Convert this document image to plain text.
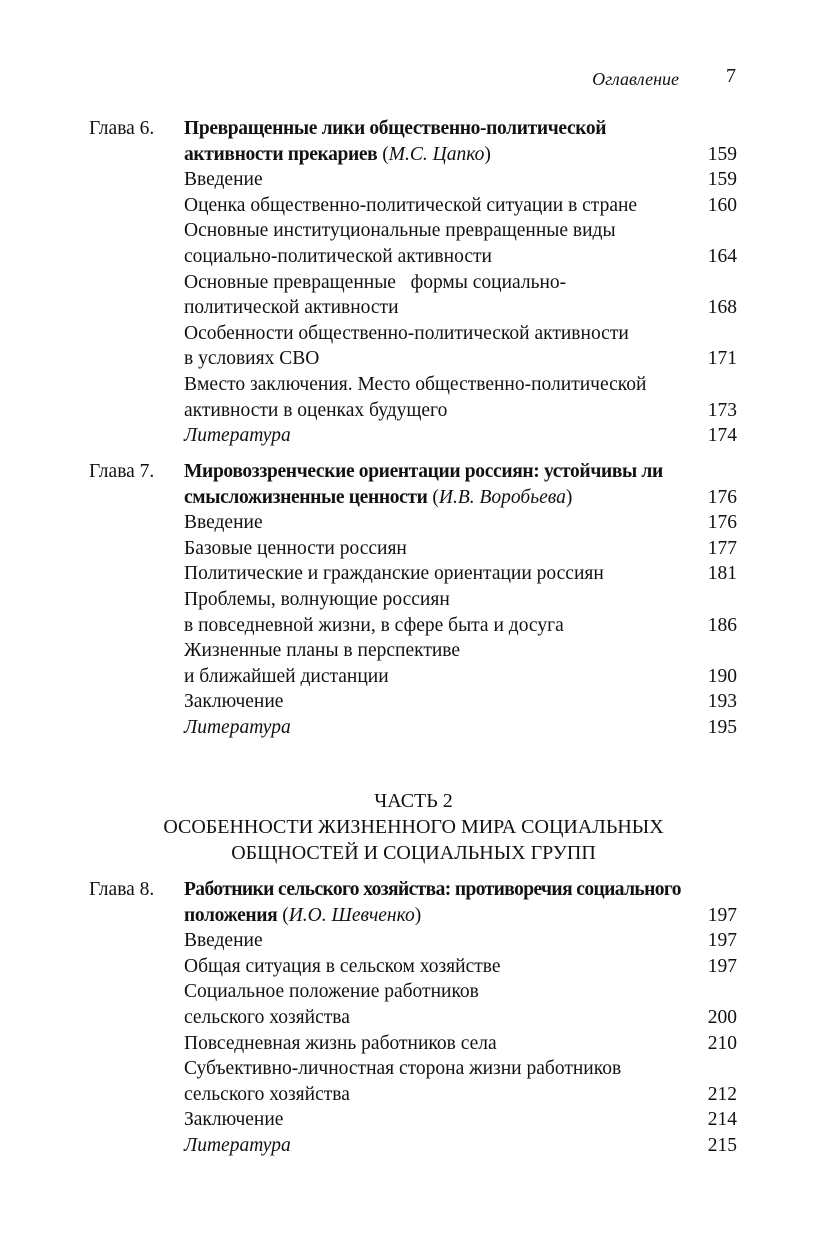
Оглавление 7
Глава 6. Превращенные лики общественно-политической
активности прекариев (М.С. Цапко)	159
Введение	159
Оценка общественно-политической ситуации в стране	160
Основные институциональные превращенные виды
социально-политической активности	164
Основные превращенные   формы социально-
политической активности	168
Особенности общественно-политической активности
в условиях СВО	171
Вместо заключения. Место общественно-политической
активности в оценках будущего	173
Литература	174
Глава 7. Мировоззренческие ориентации россиян: устойчивы ли
смысложизненные ценности (И.В. Воробьева)	176
Введение	176
Базовые ценности россиян	177
Политические и гражданские ориентации россиян	181
Проблемы, волнующие россиян
в повседневной жизни, в сфере быта и досуга	186
Жизненные планы в перспективе
и ближайшей дистанции	190
Заключение	193
Литература	195
ЧАСТЬ 2
ОСОБЕННОСТИ ЖИЗНЕННОГО МИРА СОЦИАЛЬНЫХ
ОБЩНОСТЕЙ И СОЦИАЛЬНЫХ ГРУПП
Глава 8. Работники сельского хозяйства: противоречия социального
положения (И.О. Шевченко)	197
Введение	197
Общая ситуация в сельском хозяйстве	197
Социальное положение работников
сельского хозяйства	200
Повседневная жизнь работников села	210
Субъективно-личностная сторона жизни работников
сельского хозяйства	212
Заключение	214
Литература	215
